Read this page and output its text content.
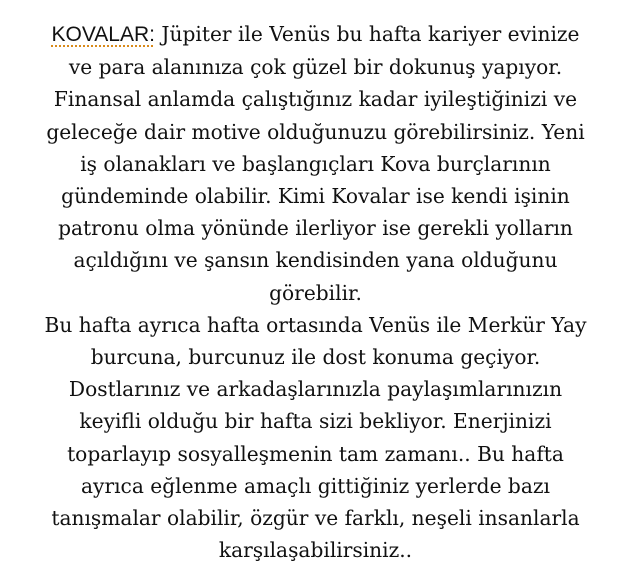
KOVALAR: Jüpiter ile Venüs bu hafta kariyer evinize
ve para alanınıza çok güzel bir dokunuş yapıyor.
Finansal anlamda çalıştığınız kadar iyileştiğinizi ve
geleceğe dair motive olduğunuzu görebilirsiniz. Yeni
iş olanakları ve başlangıçları Kova burçlarının
gündeminde olabilir. Kimi Kovalar ise kendi işinin
patronu olma yönünde ilerliyor ise gerekli yolların
açıldığını ve şansın kendisinden yana olduğunu
görebilir.
Bu hafta ayrıca hafta ortasında Venüs ile Merkür Yay
burcuna, burcunuz ile dost konuma geçiyor.
Dostlarınız ve arkadaşlarınızla paylaşımlarınızın
keyifli olduğu bir hafta sizi bekliyor. Enerjinizi
toparlayıp sosyalleşmenin tam zamanı.. Bu hafta
ayrıca eğlenme amaçlı gittiğiniz yerlerde bazı
tanışmalar olabilir, özgür ve farklı, neşeli insanlarla
karşılaşabilirsiniz..
